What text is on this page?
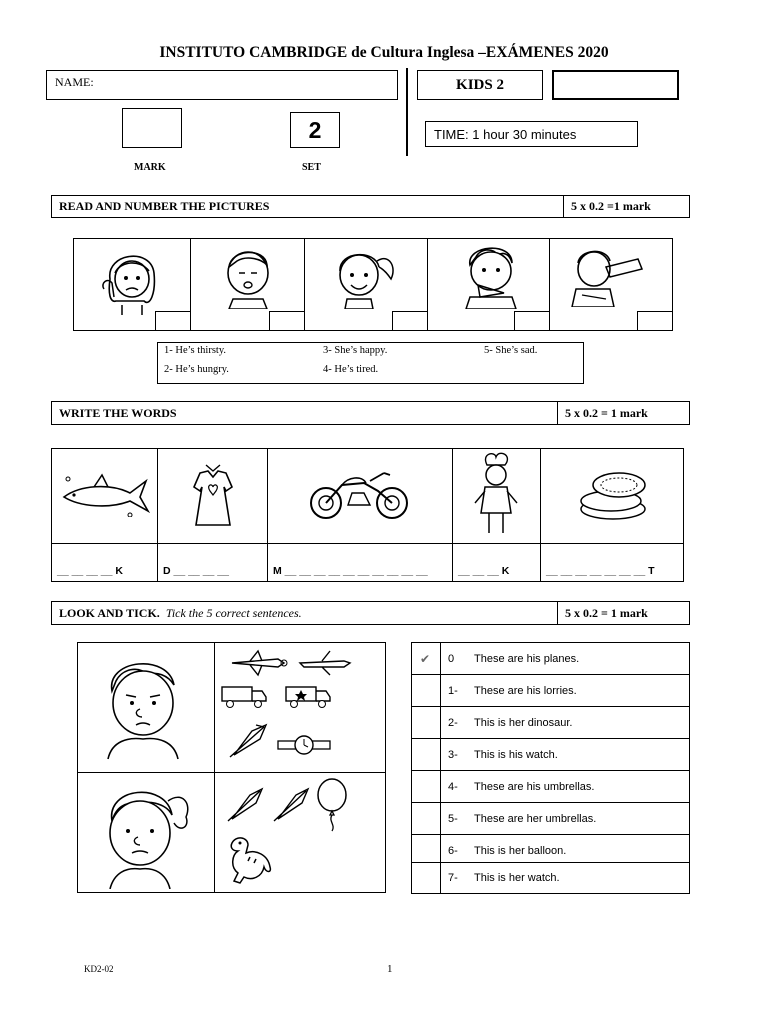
INSTITUTO CAMBRIDGE de Cultura Inglesa –EXÁMENES 2020
NAME:	KIDS 2
2	TIME: 1 hour 30 minutes
MARK	SET
READ AND NUMBER THE PICTURES	5 x 0.2 =1 mark
1- He’s thirsty.
2- He’s hungry.
3- She’s happy.
4- He’s tired.
5- She’s sad.
WRITE THE WORDS	5 x 0.2 = 1 mark
__ __ __ __ K	D __ __ __ __	M __ __ __ __ __ __ __ __ __ __	__ __ __ K	__ __ __ __ __ __ __ T
LOOK AND TICK. Tick the 5 correct sentences.	5 x 0.2 = 1 mark
✔ 0 These are his planes.
1- These are his lorries.
2- This is her dinosaur.
3- This is his watch.
4- These are his umbrellas.
5- These are her umbrellas.
6- This is her balloon.
7- This is her watch.
KD2-02	1
